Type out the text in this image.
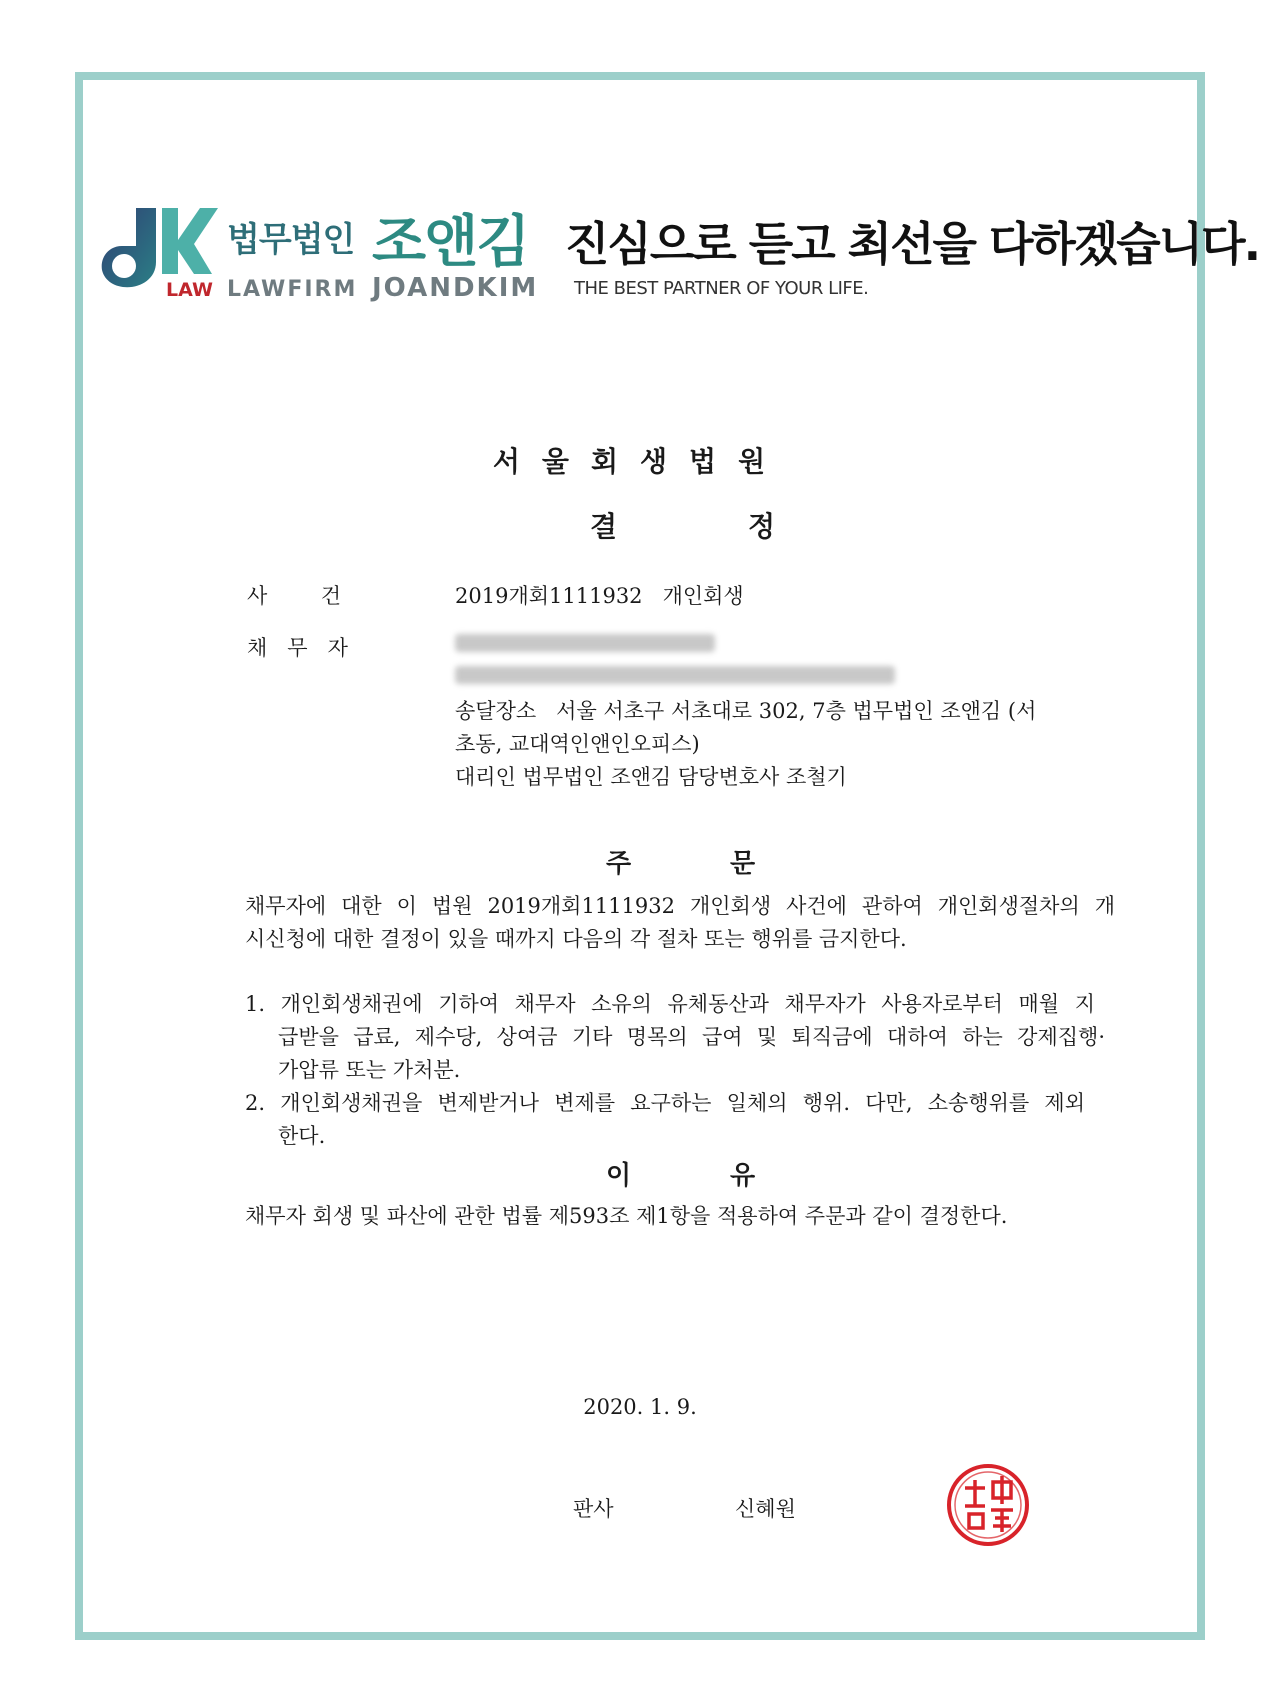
LAW
법무법인 조앤김
LAWFIRM JOANDKIM
진심으로 듣고 최선을 다하겠습니다.
THE BEST PARTNER OF YOUR LIFE.
서울회생법원
결	정
사        건	2019개회1111932   개인회생
채   무   자
송달장소   서울 서초구 서초대로 302, 7층 법무법인 조앤김 (서
초동, 교대역인앤인오피스)
대리인 법무법인 조앤김 담당변호사 조철기
주	문
채무자에 대한 이 법원 2019개회1111932 개인회생 사건에 관하여 개인회생절차의 개
시신청에 대한 결정이 있을 때까지 다음의 각 절차 또는 행위를 금지한다.
1. 개인회생채권에 기하여 채무자 소유의 유체동산과 채무자가 사용자로부터 매월 지
급받을 급료, 제수당, 상여금 기타 명목의 급여 및 퇴직금에 대하여 하는 강제집행·
가압류 또는 가처분.
2. 개인회생채권을 변제받거나 변제를 요구하는 일체의 행위. 다만, 소송행위를 제외
한다.
이	유
채무자 회생 및 파산에 관한 법률 제593조 제1항을 적용하여 주문과 같이 결정한다.
2020. 1. 9.
판사	신혜원
